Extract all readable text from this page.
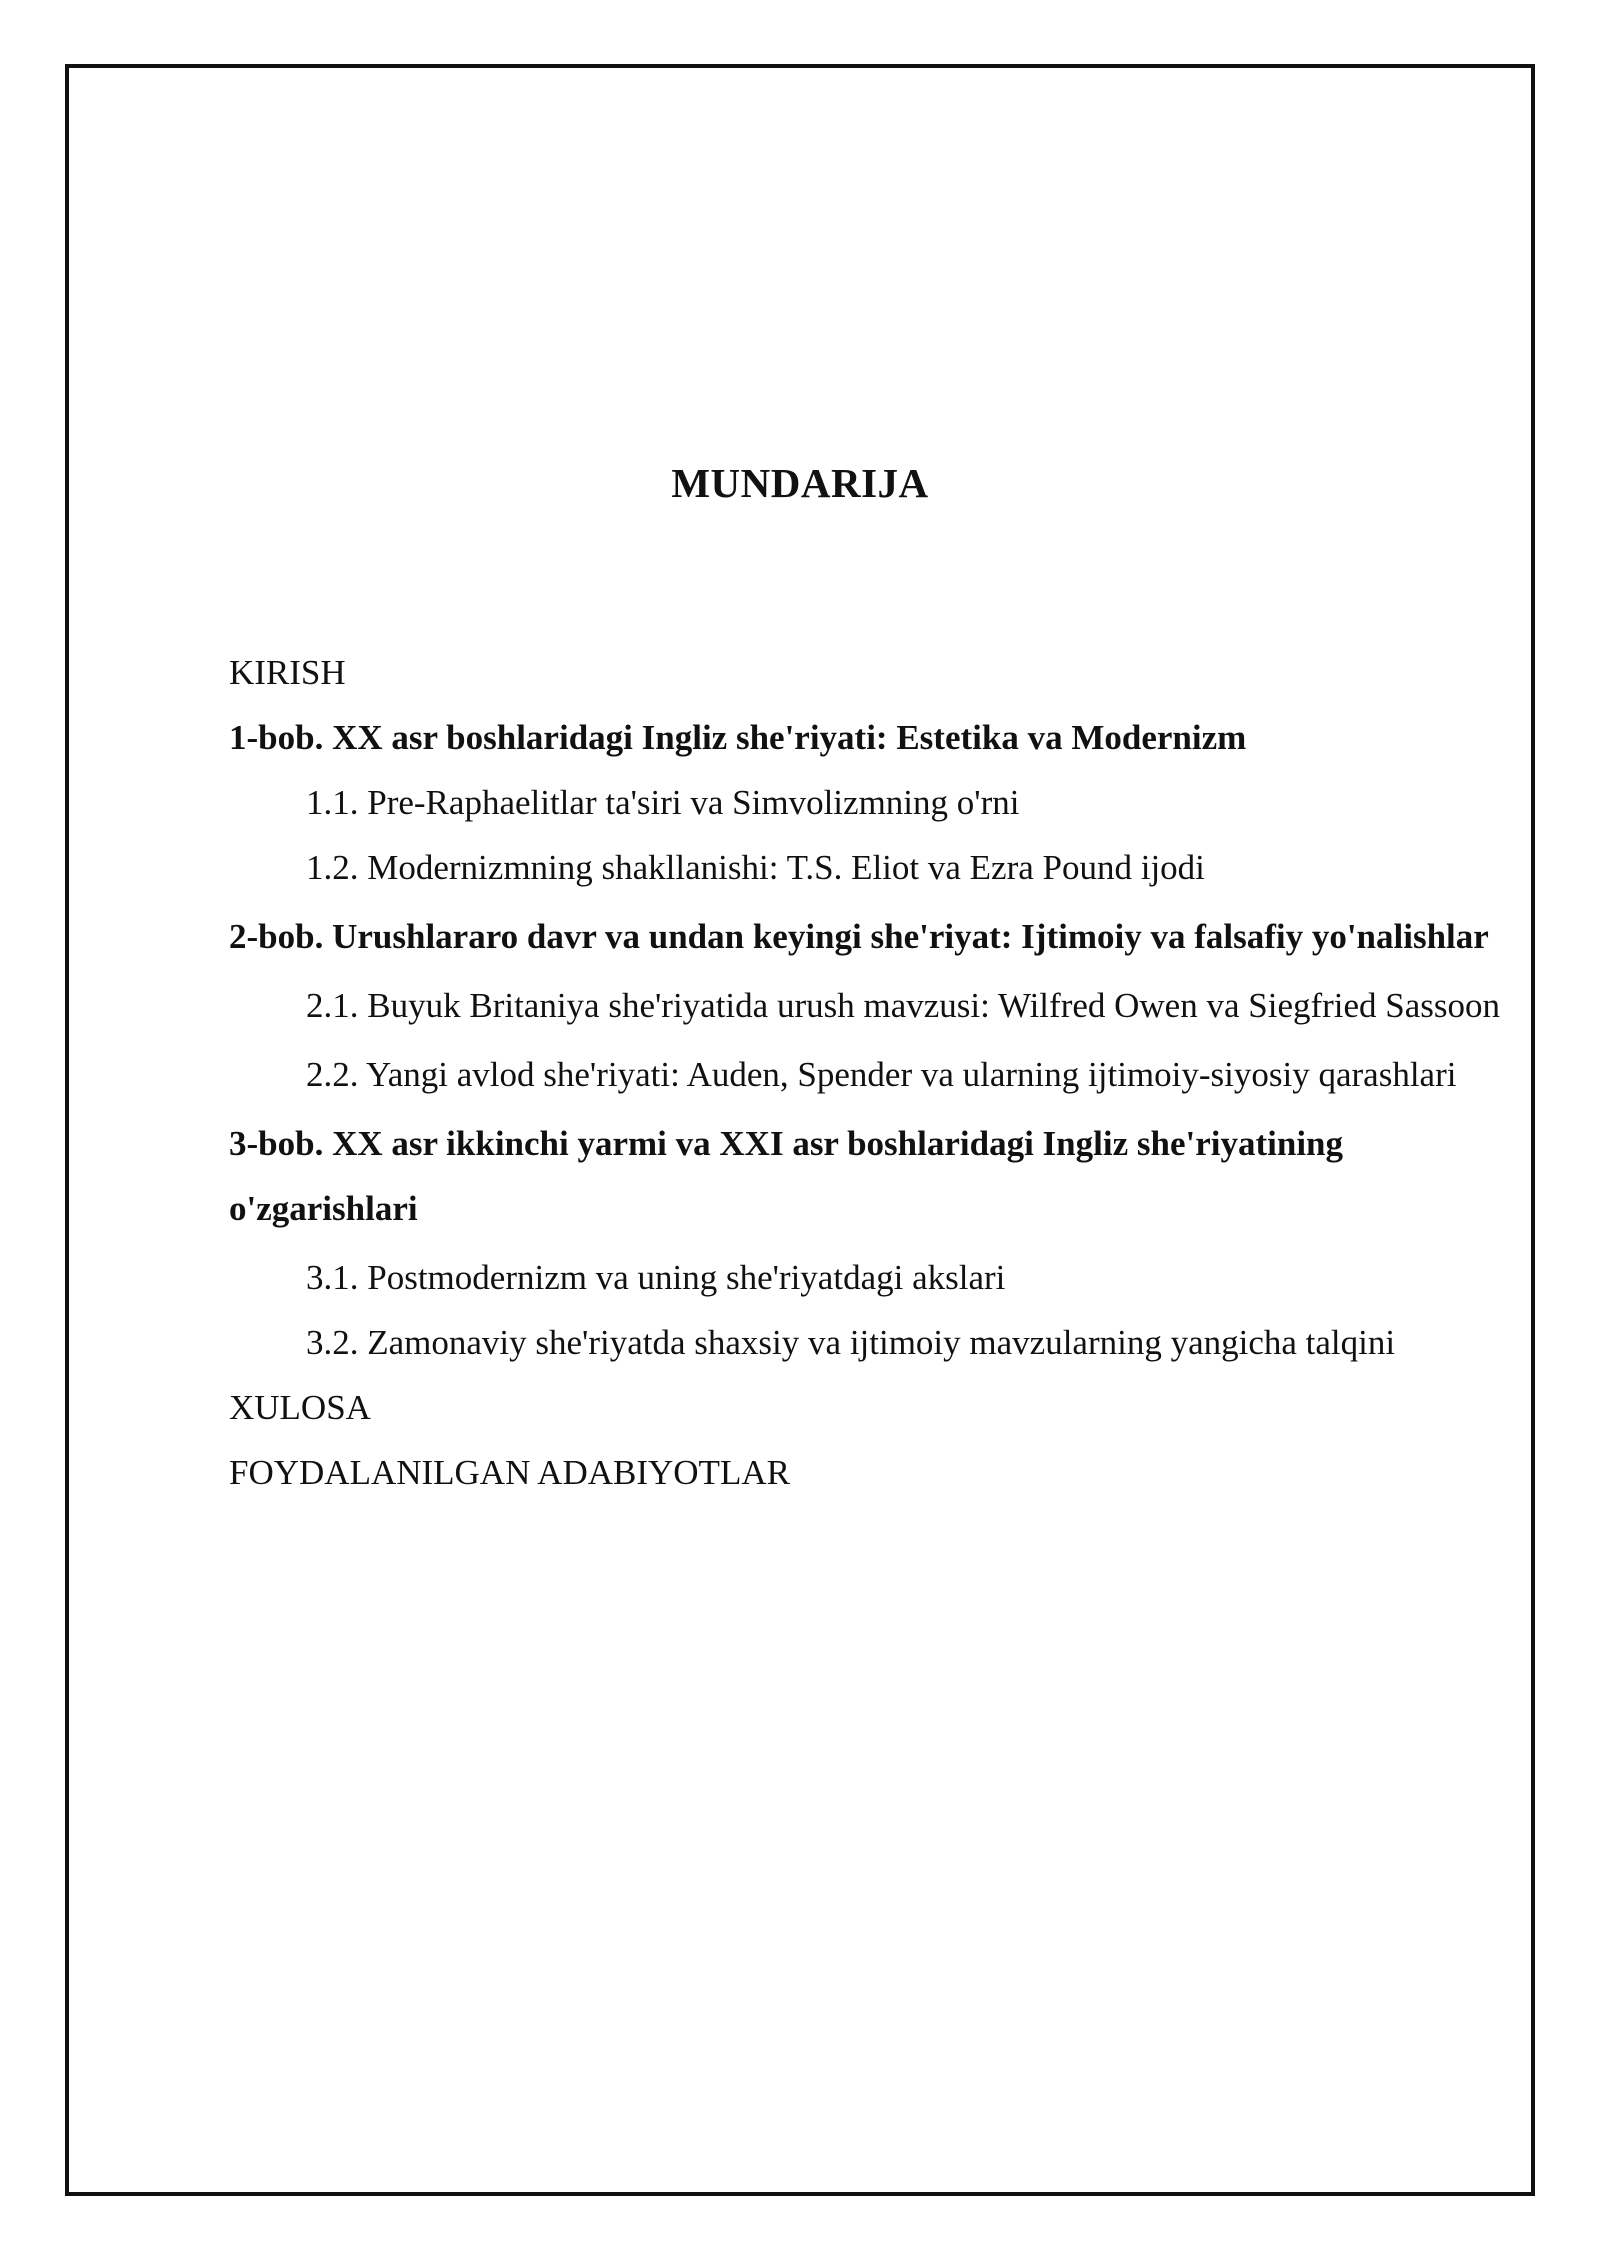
MUNDARIJA
KIRISH
1-bob. XX asr boshlaridagi Ingliz she'riyati: Estetika va Modernizm
1.1. Pre-Raphaelitlar ta'siri va Simvolizmning o'rni
1.2. Modernizmning shakllanishi: T.S. Eliot va Ezra Pound ijodi
2-bob. Urushlararo davr va undan keyingi she'riyat: Ijtimoiy va falsafiy yo'nalishlar
2.1. Buyuk Britaniya she'riyatida urush mavzusi: Wilfred Owen va Siegfried Sassoon
2.2. Yangi avlod she'riyati: Auden, Spender va ularning ijtimoiy-siyosiy qarashlari
3-bob. XX asr ikkinchi yarmi va XXI asr boshlaridagi Ingliz she'riyatining o'zgarishlari
3.1. Postmodernizm va uning she'riyatdagi akslari
3.2. Zamonaviy she'riyatda shaxsiy va ijtimoiy mavzularning yangicha talqini
XULOSA
FOYDALANILGAN ADABIYOTLAR
